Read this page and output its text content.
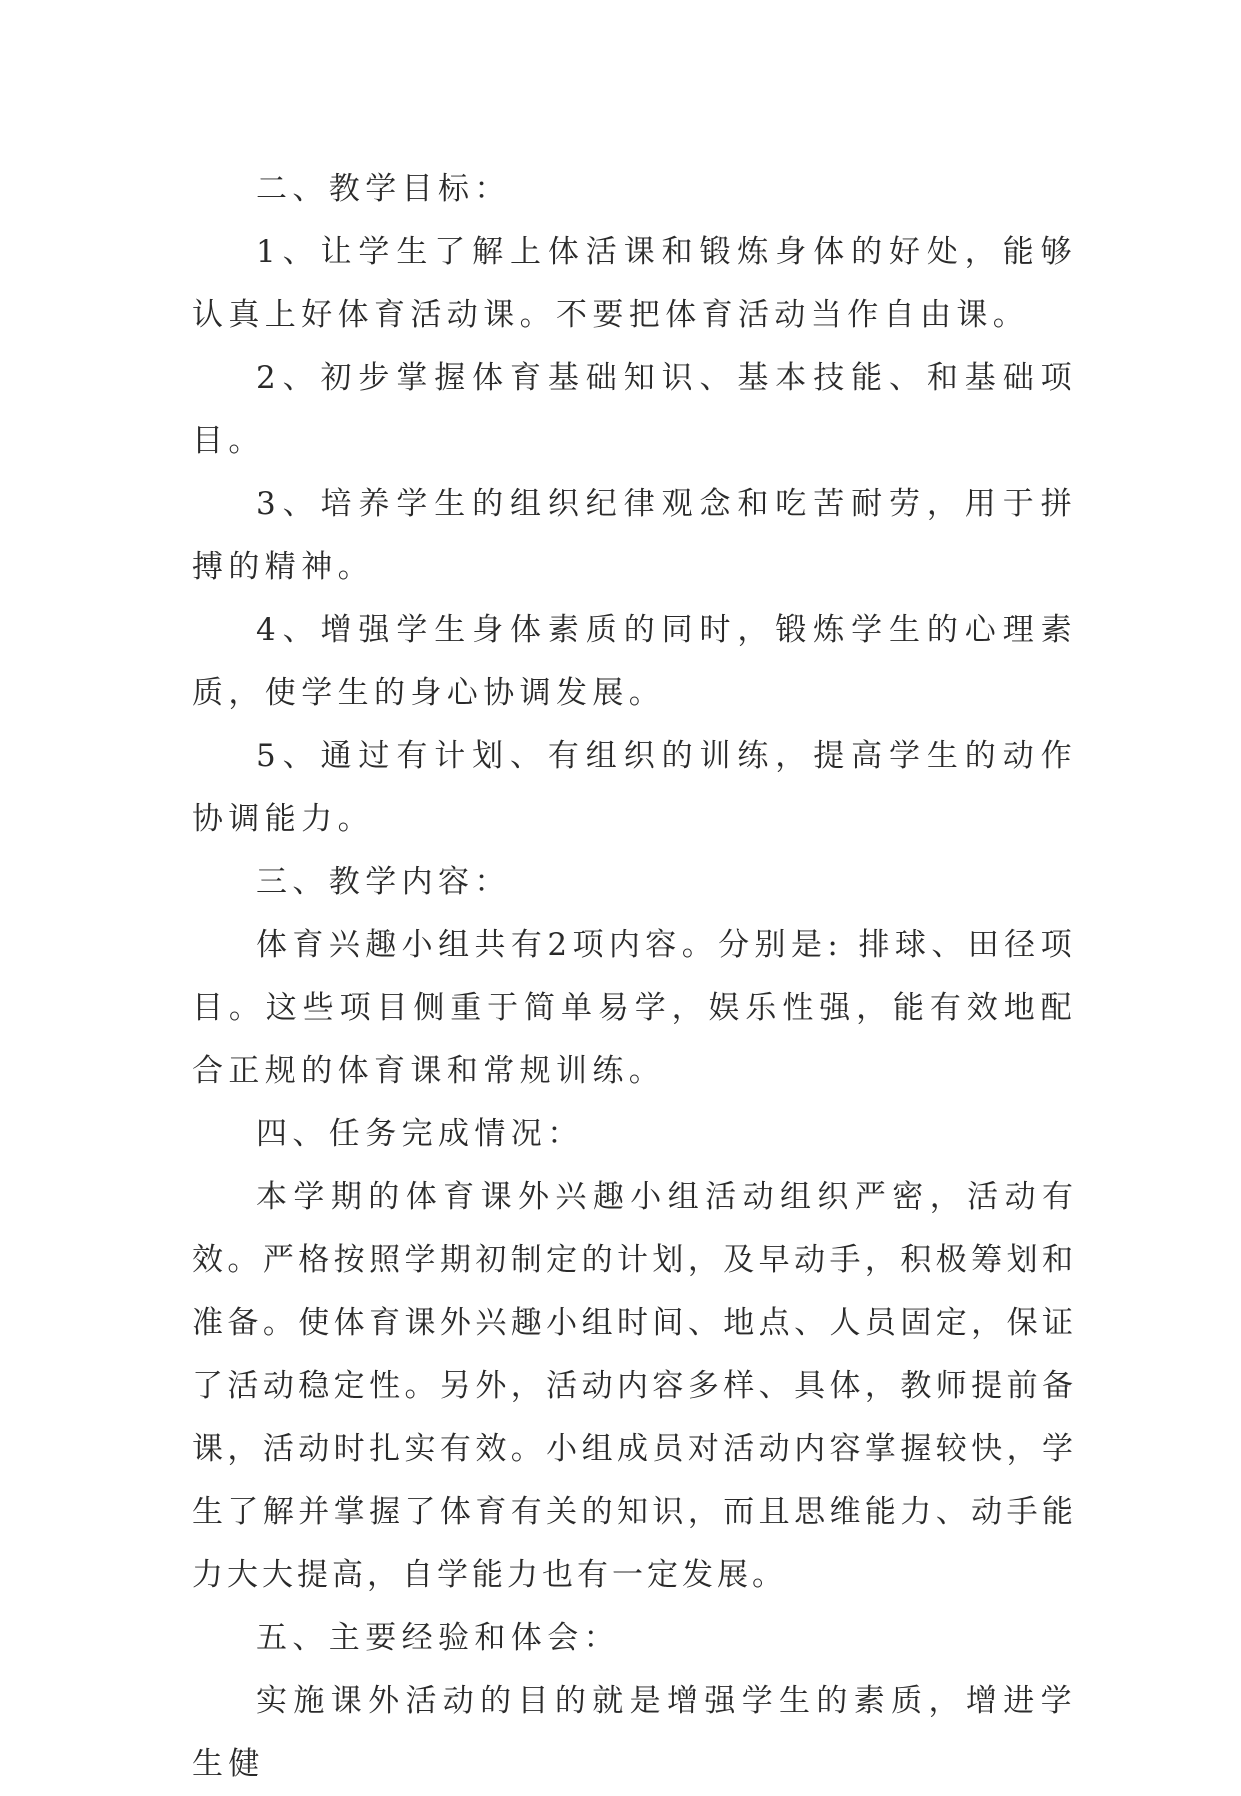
二、教学目标：

1、让学生了解上体活课和锻炼身体的好处，能够认真上好体育活动课。不要把体育活动当作自由课。

2、初步掌握体育基础知识、基本技能、和基础项目。

3、培养学生的组织纪律观念和吃苦耐劳，用于拼搏的精神。

4、增强学生身体素质的同时，锻炼学生的心理素质，使学生的身心协调发展。

5、通过有计划、有组织的训练，提高学生的动作协调能力。

三、教学内容：

体育兴趣小组共有2项内容。分别是: 排球、田径项目。这些项目侧重于简单易学，娱乐性强，能有效地配合正规的体育课和常规训练。

四、任务完成情况：

本学期的体育课外兴趣小组活动组织严密，活动有效。严格按照学期初制定的计划，及早动手，积极筹划和准备。使体育课外兴趣小组时间、地点、人员固定，保证了活动稳定性。另外，活动内容多样、具体，教师提前备课，活动时扎实有效。小组成员对活动内容掌握较快，学生了解并掌握了体育有关的知识，而且思维能力、动手能力大大提高，自学能力也有一定发展。

五、主要经验和体会：

实施课外活动的目的就是增强学生的素质，增进学生健
